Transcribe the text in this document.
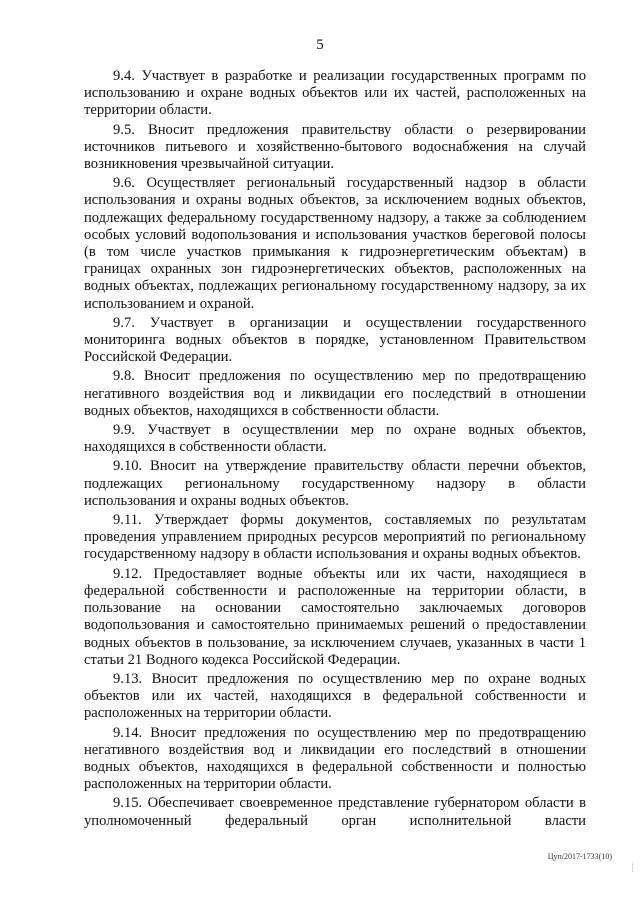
5

9.4. Участвует в разработке и реализации государственных программ по использованию и охране водных объектов или их частей, расположенных на территории области.

9.5. Вносит предложения правительству области о резервировании источников питьевого и хозяйственно-бытового водоснабжения на случай возникновения чрезвычайной ситуации.

9.6. Осуществляет региональный государственный надзор в области использования и охраны водных объектов, за исключением водных объектов, подлежащих федеральному государственному надзору, а также за соблюдением особых условий водопользования и использования участков береговой полосы (в том числе участков примыкания к гидроэнергетическим объектам) в границах охранных зон гидроэнергетических объектов, расположенных на водных объектах, подлежащих региональному государственному надзору, за их использованием и охраной.

9.7. Участвует в организации и осуществлении государственного мониторинга водных объектов в порядке, установленном Правительством Российской Федерации.

9.8. Вносит предложения по осуществлению мер по предотвращению негативного воздействия вод и ликвидации его последствий в отношении водных объектов, находящихся в собственности области.

9.9. Участвует в осуществлении мер по охране водных объектов, находящихся в собственности области.

9.10. Вносит на утверждение правительству области перечни объектов, подлежащих региональному государственному надзору в области использования и охраны водных объектов.

9.11. Утверждает формы документов, составляемых по результатам проведения управлением природных ресурсов мероприятий по региональному государственному надзору в области использования и охраны водных объектов.

9.12. Предоставляет водные объекты или их части, находящиеся в федеральной собственности и расположенные на территории области, в пользование на основании самостоятельно заключаемых договоров водопользования и самостоятельно принимаемых решений о предоставлении водных объектов в пользование, за исключением случаев, указанных в части 1 статьи 21 Водного кодекса Российской Федерации.

9.13. Вносит предложения по осуществлению мер по охране водных объектов или их частей, находящихся в федеральной собственности и расположенных на территории области.

9.14. Вносит предложения по осуществлению мер по предотвращению негативного воздействия вод и ликвидации его последствий в отношении водных объектов, находящихся в федеральной собственности и полностью расположенных на территории области.

9.15. Обеспечивает своевременное представление губернатором области в уполномоченный федеральный орган исполнительной власти

Цуп/2017-1733(10)
.......
